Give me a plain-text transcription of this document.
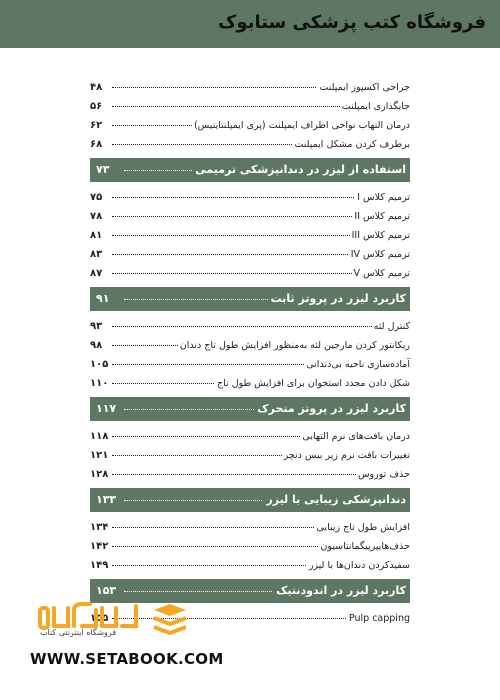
فروشگاه کتب پزشکی ستابوک
جراحی اکسپوز ایمپلنت
۴۸
جایگذاری ایمپلنت
۵۶
درمان التهاب نواحی اطراف ایمپلنت (پری ایمپلنتایتیس)
۶۲
برطرف کردن مشکل ایمپلنت
۶۸
استفاده از لیزر در دندانپزشکی ترمیمی
۷۳
ترمیم کلاس I
۷۵
ترمیم کلاس II
۷۸
ترمیم کلاس III
۸۱
ترمیم کلاس IV
۸۳
ترمیم کلاس V
۸۷
کاربرد لیزر در پروتز ثابت
۹۱
کنترل لثه
۹۳
ریکانتور کردن مارجین لثه به‌منظور افزایش طول تاج دندان
۹۸
آماده‌سازی ناحیه بی‌دندانی
۱۰۵
شکل دادن مجدد استخوان برای افزایش طول تاج
۱۱۰
کاربرد لیزر در پروتز متحرک
۱۱۷
درمان بافت‌های نرم التهابی
۱۱۸
تغییرات بافت نرم زیر بیس دنچر
۱۲۱
حذف توروس
۱۲۸
دندانپزشکی زیبایی با لیزر
۱۳۳
افزایش طول تاج زیبایی
۱۳۴
حذف‌هایپرپیگمانتاسیون
۱۴۲
سفیدکردن دندان‌ها با لیزر
۱۴۹
کاربرد لیزر در اندودنتیک
۱۵۳
Pulp capping
۱۵۵
فروشگاه اینترنتی کتاب
WWW.SETABOOK.COM
